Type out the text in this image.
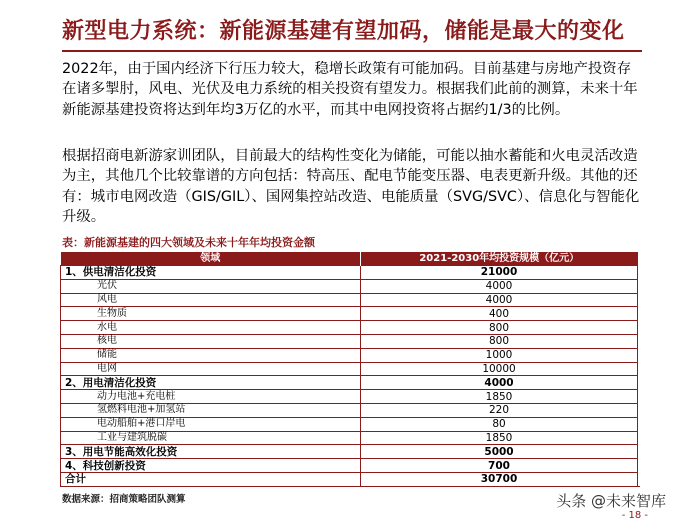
新型电力系统：新能源基建有望加码，储能是最大的变化
2022年，由于国内经济下行压力较大，稳增长政策有可能加码。目前基建与房地产投资存在诸多掣肘，风电、光伏及电力系统的相关投资有望发力。根据我们此前的测算，未来十年新能源基建投资将达到年均3万亿的水平，而其中电网投资将占据约1/3的比例。
根据招商电新游家训团队，目前最大的结构性变化为储能，可能以抽水蓄能和火电灵活改造为主，其他几个比较靠谱的方向包括：特高压、配电节能变压器、电表更新升级。其他的还有：城市电网改造（GIS/GIL）、国网集控站改造、电能质量（SVG/SVC）、信息化与智能化升级。
表：新能源基建的四大领域及未来十年年均投资金额
领域	2021-2030年均投资规模（亿元）
1、供电清洁化投资	21000
光伏	4000
风电	4000
生物质	400
水电	800
核电	800
储能	1000
电网	10000
2、用电清洁化投资	4000
动力电池+充电桩	1850
氢燃料电池+加氢站	220
电动船舶+港口岸电	80
工业与建筑脱碳	1850
3、用电节能高效化投资	5000
4、科技创新投资	700
合计	30700
数据来源：招商策略团队测算	头条 @未来智库
- 18 -
